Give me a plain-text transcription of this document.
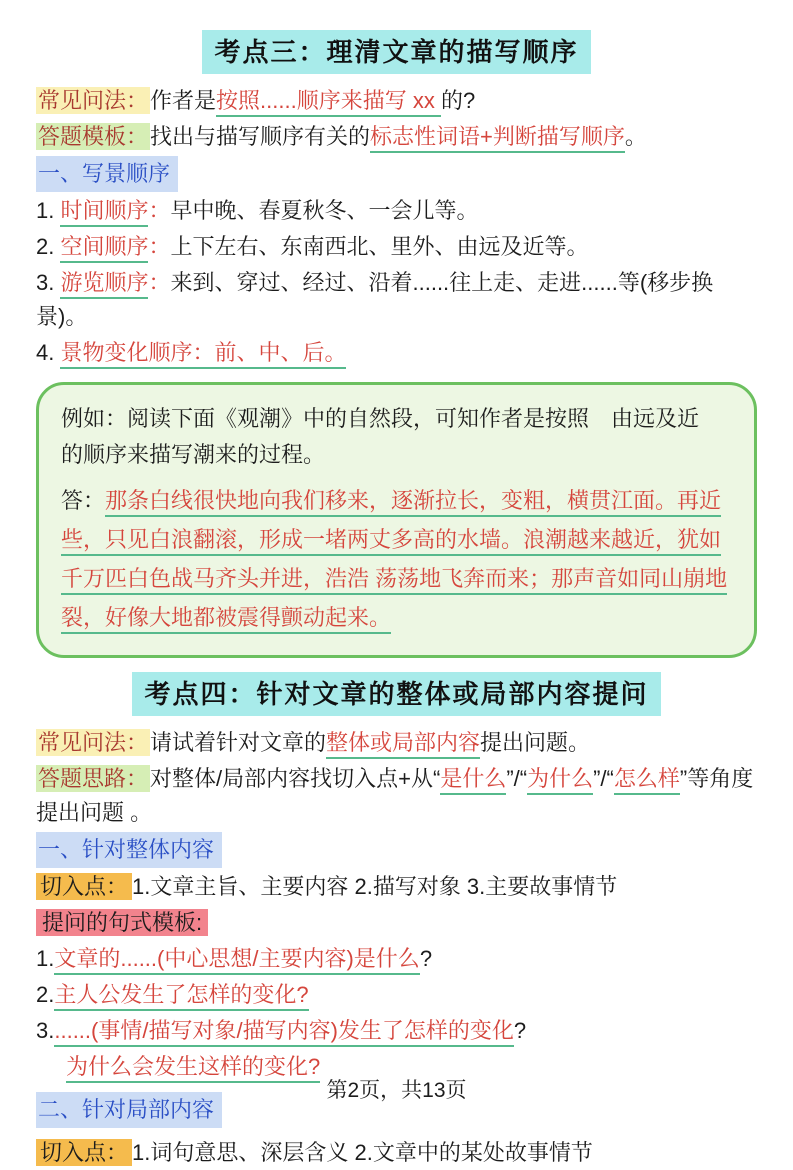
考点三：理清文章的描写顺序
常见问法：作者是按照......顺序来描写 xx 的?
答题模板：找出与描写顺序有关的标志性词语+判断描写顺序。
一、写景顺序
1. 时间顺序：早中晚、春夏秋冬、一会儿等。
2. 空间顺序：上下左右、东南西北、里外、由远及近等。
3. 游览顺序：来到、穿过、经过、沿着......往上走、走进......等(移步换景)。
4. 景物变化顺序：前、中、后。
例如：阅读下面《观潮》中的自然段，可知作者是按照　由远及近　的顺序来描写潮来的过程。
答：那条白线很快地向我们移来，逐渐拉长，变粗，横贯江面。再近些，只见白浪翻滚，形成一堵两丈多高的水墙。浪潮越来越近，犹如千万匹白色战马齐头并进，浩浩 荡荡地飞奔而来；那声音如同山崩地裂，好像大地都被震得颤动起来。
考点四：针对文章的整体或局部内容提问
常见问法：请试着针对文章的整体或局部内容提出问题。
答题思路：对整体/局部内容找切入点+从“是什么”/“为什么”/“怎么样”等角度提出问题 。
一、针对整体内容
切入点： 1.文章主旨、主要内容 2.描写对象 3.主要故事情节
提问的句式模板:
1.文章的......(中心思想/主要内容)是什么?
2.主人公发生了怎样的变化?
3.......(事情/描写对象/描写内容)发生了怎样的变化?
为什么会发生这样的变化?
二、针对局部内容
切入点： 1.词句意思、深层含义 2.文章中的某处故事情节
第2页，共13页
